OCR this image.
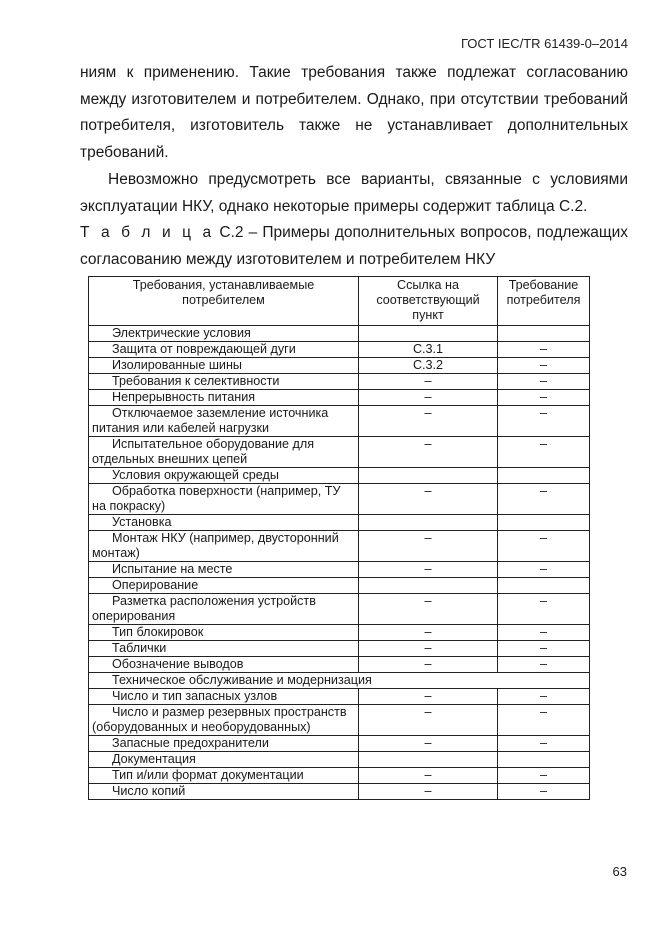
ГОСТ IEC/TR 61439-0–2014
ниям к применению. Такие требования также подлежат согласованию между изготовителем и потребителем. Однако, при отсутствии требований потребителя, изготовитель также не устанавливает дополнительных требований.
Невозможно предусмотреть все варианты, связанные с условиями эксплуатации НКУ, однако некоторые примеры содержит таблица С.2.
Т а б л и ц а С.2 – Примеры дополнительных вопросов, подлежащих согласованию между изготовителем и потребителем НКУ
Требования, устанавливаемые потребителем	Ссылка на соответствующий пункт	Требование потребителя
Электрические условия		
Защита от повреждающей дуги	С.3.1	–
Изолированные шины	С.3.2	–
Требования к селективности	–	–
Непрерывность питания	–	–
Отключаемое заземление источника питания или кабелей нагрузки	–	–
Испытательное оборудование для отдельных внешних цепей	–	–
Условия окружающей среды		
Обработка поверхности (например, ТУ на покраску)	–	–
Установка		
Монтаж НКУ (например, двусторонний монтаж)	–	–
Испытание на месте	–	–
Оперирование		
Разметка расположения устройств оперирования	–	–
Тип блокировок	–	–
Таблички	–	–
Обозначение выводов	–	–
Техническое обслуживание и модернизация		
Число и тип запасных узлов	–	–
Число и размер резервных пространств (оборудованных и необорудованных)	–	–
Запасные предохранители	–	–
Документация		
Тип и/или формат документации	–	–
Число копий	–	–
63
